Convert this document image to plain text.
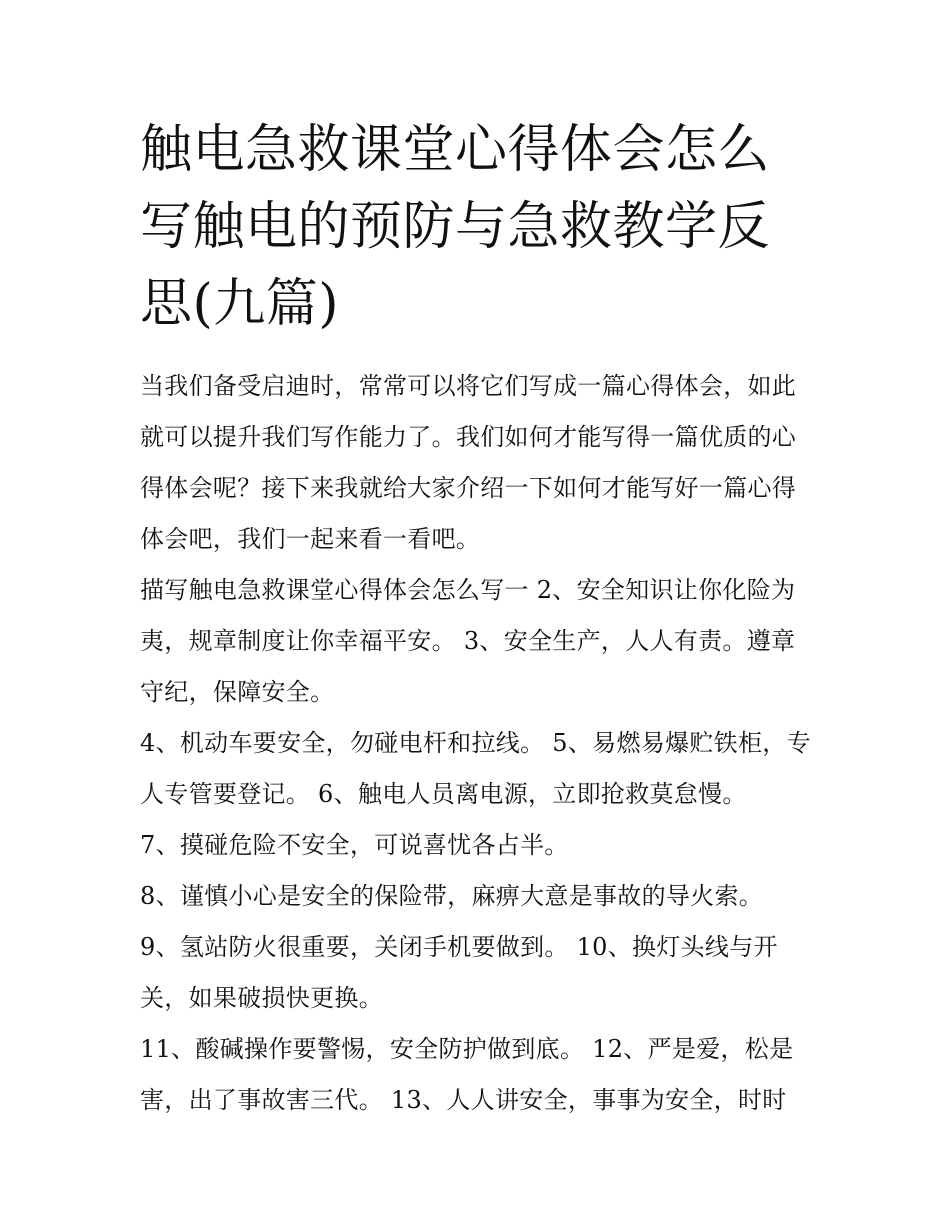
触电急救课堂心得体会怎么写触电的预防与急救教学反思(九篇)

当我们备受启迪时，常常可以将它们写成一篇心得体会，如此就可以提升我们写作能力了。我们如何才能写得一篇优质的心得体会呢？接下来我就给大家介绍一下如何才能写好一篇心得体会吧，我们一起来看一看吧。

描写触电急救课堂心得体会怎么写一 2、安全知识让你化险为夷，规章制度让你幸福平安。 3、安全生产，人人有责。遵章守纪，保障安全。

4、机动车要安全，勿碰电杆和拉线。 5、易燃易爆贮铁柜，专人专管要登记。 6、触电人员离电源，立即抢救莫怠慢。

7、摸碰危险不安全，可说喜忧各占半。

8、谨慎小心是安全的保险带，麻痹大意是事故的导火索。

9、氢站防火很重要，关闭手机要做到。 10、换灯头线与开关，如果破损快更换。

11、酸碱操作要警惕，安全防护做到底。 12、严是爱，松是害，出了事故害三代。 13、人人讲安全，事事为安全，时时
